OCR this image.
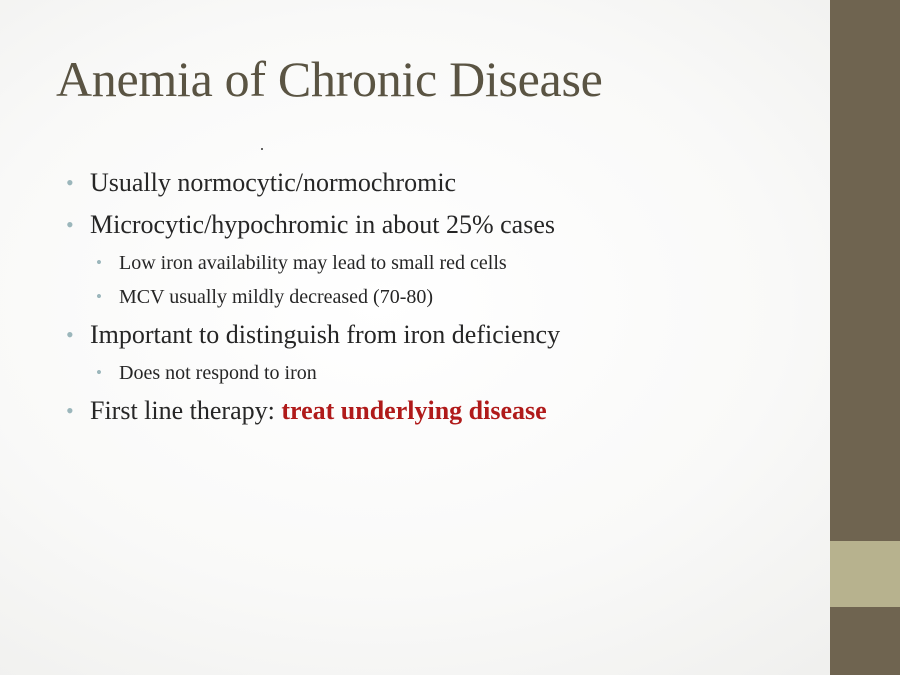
Anemia of Chronic Disease
• Usually normocytic/normochromic
• Microcytic/hypochromic in about 25% cases
• Low iron availability may lead to small red cells
• MCV usually mildly decreased (70-80)
• Important to distinguish from iron deficiency
• Does not respond to iron
• First line therapy: treat underlying disease
